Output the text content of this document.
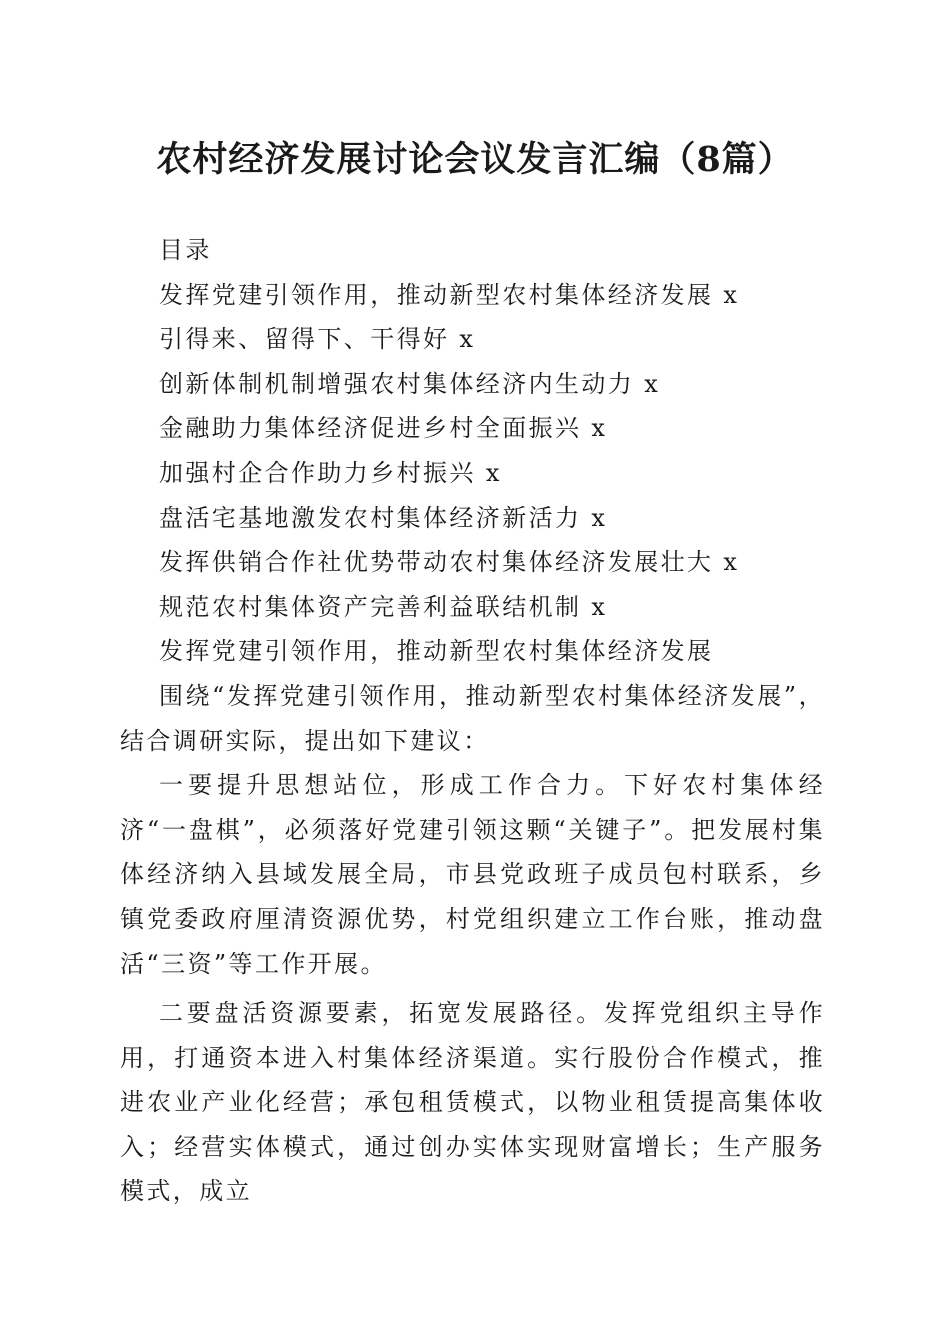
农村经济发展讨论会议发言汇编（8篇）

目录

发挥党建引领作用，推动新型农村集体经济发展 x

引得来、留得下、干得好 x

创新体制机制增强农村集体经济内生动力 x

金融助力集体经济促进乡村全面振兴 x

加强村企合作助力乡村振兴 x

盘活宅基地激发农村集体经济新活力 x

发挥供销合作社优势带动农村集体经济发展壮大 x

规范农村集体资产完善利益联结机制 x

发挥党建引领作用，推动新型农村集体经济发展

围绕“发挥党建引领作用，推动新型农村集体经济发展”，结合调研实际，提出如下建议：

一要提升思想站位，形成工作合力。下好农村集体经济“一盘棋”，必须落好党建引领这颗“关键子”。把发展村集体经济纳入县域发展全局，市县党政班子成员包村联系，乡镇党委政府厘清资源优势，村党组织建立工作台账，推动盘活“三资”等工作开展。

二要盘活资源要素，拓宽发展路径。发挥党组织主导作用，打通资本进入村集体经济渠道。实行股份合作模式，推进农业产业化经营；承包租赁模式，以物业租赁提高集体收入；经营实体模式，通过创办实体实现财富增长；生产服务模式，成立
